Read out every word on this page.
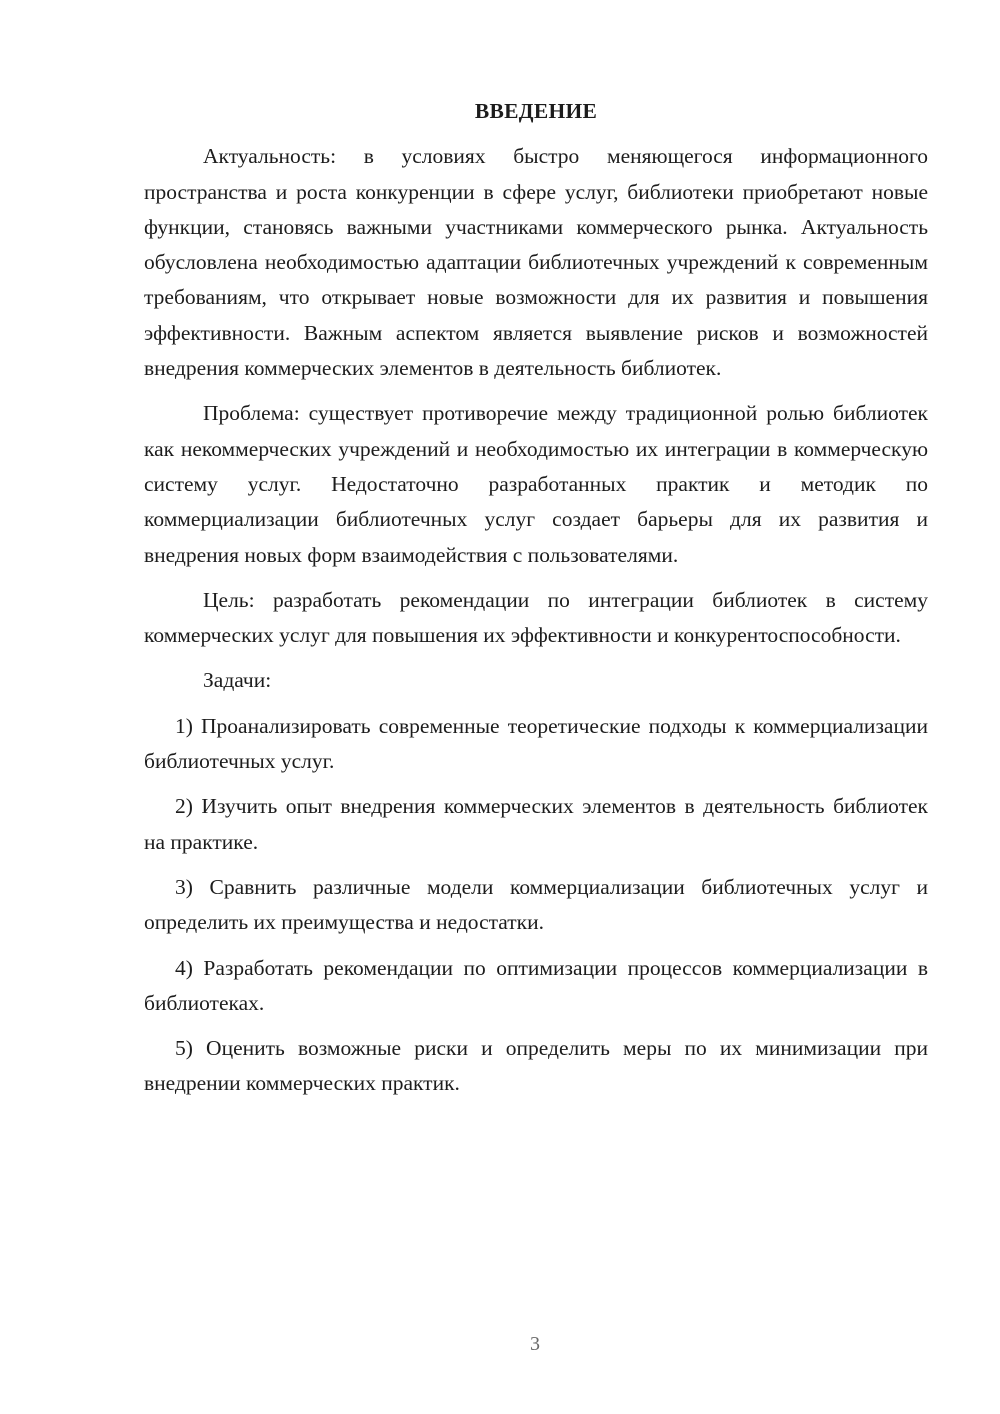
ВВЕДЕНИЕ

Актуальность: в условиях быстро меняющегося информационного пространства и роста конкуренции в сфере услуг, библиотеки приобретают новые функции, становясь важными участниками коммерческого рынка. Актуальность обусловлена необходимостью адаптации библиотечных учреждений к современным требованиям, что открывает новые возможности для их развития и повышения эффективности. Важным аспектом является выявление рисков и возможностей внедрения коммерческих элементов в деятельность библиотек.

Проблема: существует противоречие между традиционной ролью библиотек как некоммерческих учреждений и необходимостью их интеграции в коммерческую систему услуг. Недостаточно разработанных практик и методик по коммерциализации библиотечных услуг создает барьеры для их развития и внедрения новых форм взаимодействия с пользователями.

Цель: разработать рекомендации по интеграции библиотек в систему коммерческих услуг для повышения их эффективности и конкурентоспособности.

Задачи:

1) Проанализировать современные теоретические подходы к коммерциализации библиотечных услуг.

2) Изучить опыт внедрения коммерческих элементов в деятельность библиотек на практике.

3) Сравнить различные модели коммерциализации библиотечных услуг и определить их преимущества и недостатки.

4) Разработать рекомендации по оптимизации процессов коммерциализации в библиотеках.

5) Оценить возможные риски и определить меры по их минимизации при внедрении коммерческих практик.

3
